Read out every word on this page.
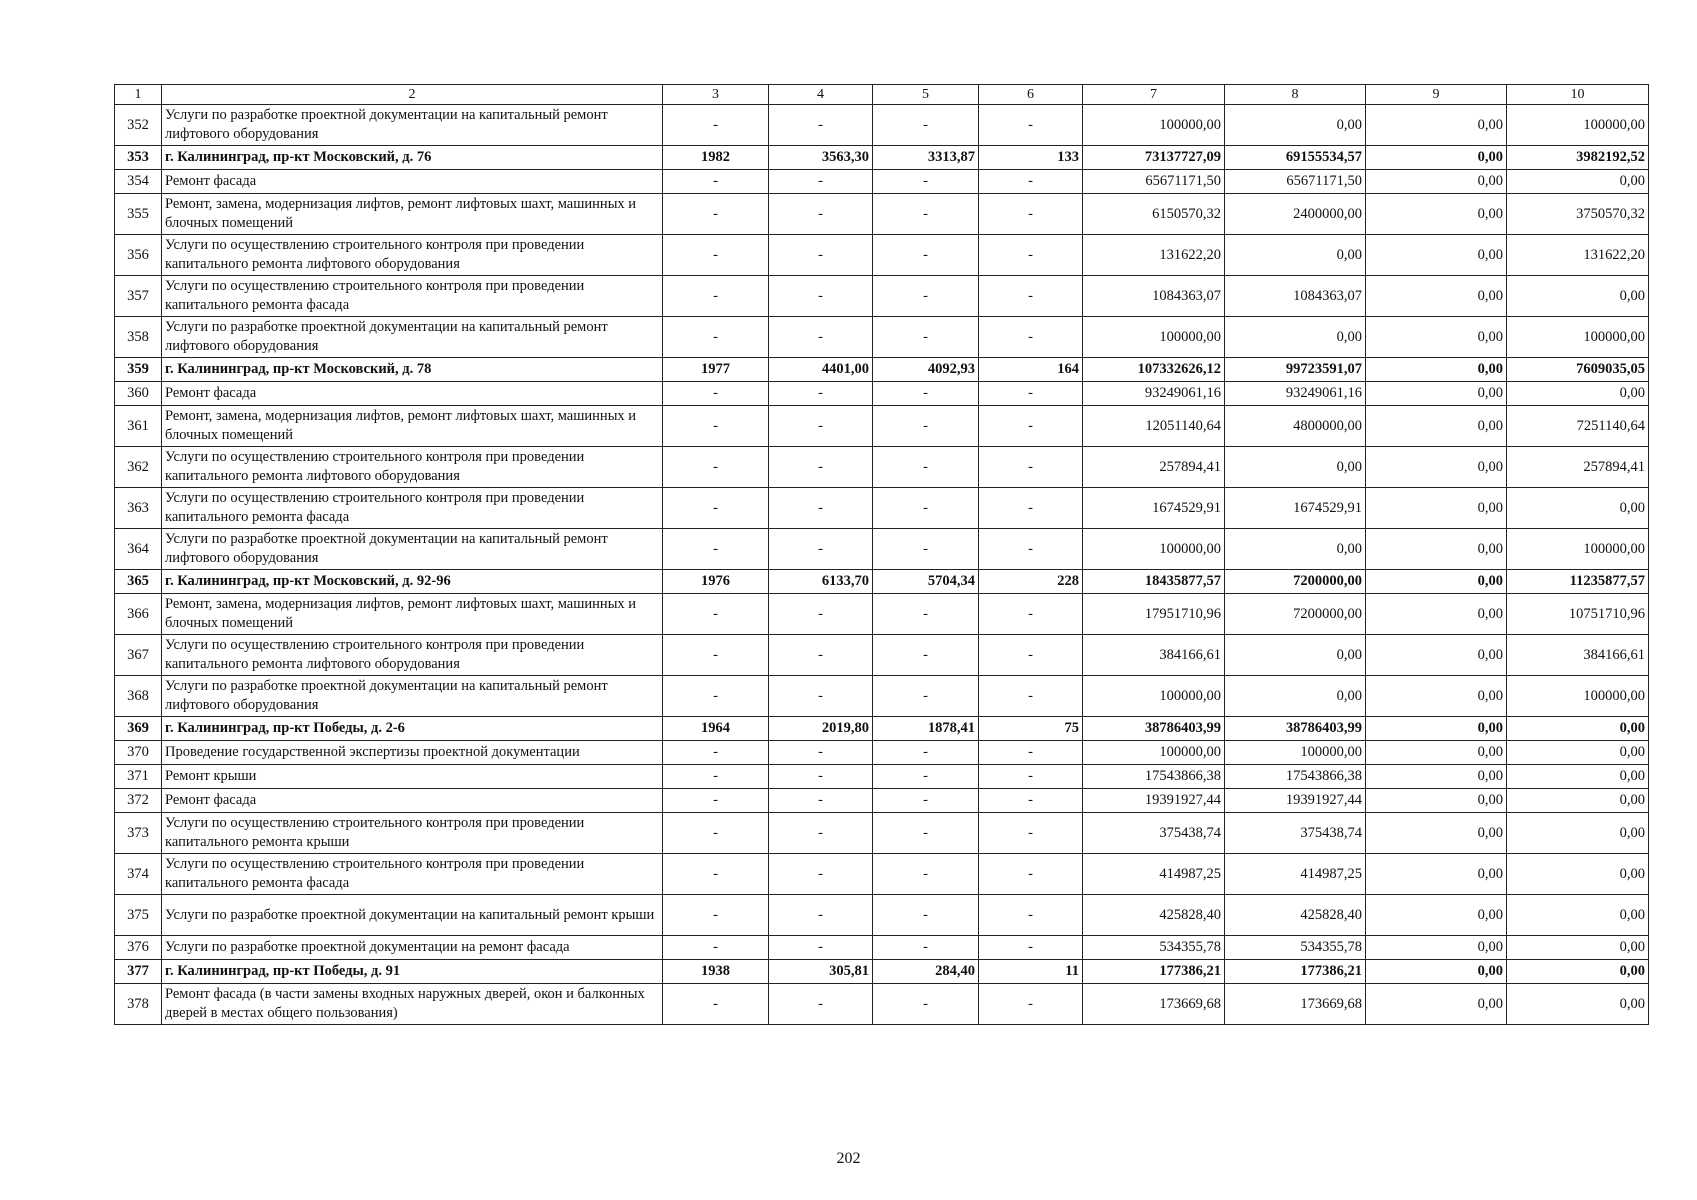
1	2	3	4	5	6	7	8	9	10
352	Услуги по разработке проектной документации на капитальный ремонт лифтового оборудования	-	-	-	-	100000,00	0,00	0,00	100000,00
353	г. Калининград, пр-кт Московский, д. 76	1982	3563,30	3313,87	133	73137727,09	69155534,57	0,00	3982192,52
354	Ремонт фасада	-	-	-	-	65671171,50	65671171,50	0,00	0,00
355	Ремонт, замена, модернизация лифтов, ремонт лифтовых шахт, машинных и блочных помещений	-	-	-	-	6150570,32	2400000,00	0,00	3750570,32
356	Услуги по осуществлению строительного контроля при проведении капитального ремонта лифтового оборудования	-	-	-	-	131622,20	0,00	0,00	131622,20
357	Услуги по осуществлению строительного контроля при проведении капитального ремонта фасада	-	-	-	-	1084363,07	1084363,07	0,00	0,00
358	Услуги по разработке проектной документации на капитальный ремонт лифтового оборудования	-	-	-	-	100000,00	0,00	0,00	100000,00
359	г. Калининград, пр-кт Московский, д. 78	1977	4401,00	4092,93	164	107332626,12	99723591,07	0,00	7609035,05
360	Ремонт фасада	-	-	-	-	93249061,16	93249061,16	0,00	0,00
361	Ремонт, замена, модернизация лифтов, ремонт лифтовых шахт, машинных и блочных помещений	-	-	-	-	12051140,64	4800000,00	0,00	7251140,64
362	Услуги по осуществлению строительного контроля при проведении капитального ремонта лифтового оборудования	-	-	-	-	257894,41	0,00	0,00	257894,41
363	Услуги по осуществлению строительного контроля при проведении капитального ремонта фасада	-	-	-	-	1674529,91	1674529,91	0,00	0,00
364	Услуги по разработке проектной документации на капитальный ремонт лифтового оборудования	-	-	-	-	100000,00	0,00	0,00	100000,00
365	г. Калининград, пр-кт Московский, д. 92-96	1976	6133,70	5704,34	228	18435877,57	7200000,00	0,00	11235877,57
366	Ремонт, замена, модернизация лифтов, ремонт лифтовых шахт, машинных и блочных помещений	-	-	-	-	17951710,96	7200000,00	0,00	10751710,96
367	Услуги по осуществлению строительного контроля при проведении капитального ремонта лифтового оборудования	-	-	-	-	384166,61	0,00	0,00	384166,61
368	Услуги по разработке проектной документации на капитальный ремонт лифтового оборудования	-	-	-	-	100000,00	0,00	0,00	100000,00
369	г. Калининград, пр-кт Победы, д. 2-6	1964	2019,80	1878,41	75	38786403,99	38786403,99	0,00	0,00
370	Проведение государственной экспертизы проектной документации	-	-	-	-	100000,00	100000,00	0,00	0,00
371	Ремонт крыши	-	-	-	-	17543866,38	17543866,38	0,00	0,00
372	Ремонт фасада	-	-	-	-	19391927,44	19391927,44	0,00	0,00
373	Услуги по осуществлению строительного контроля при проведении капитального ремонта крыши	-	-	-	-	375438,74	375438,74	0,00	0,00
374	Услуги по осуществлению строительного контроля при проведении капитального ремонта фасада	-	-	-	-	414987,25	414987,25	0,00	0,00
375	Услуги по разработке проектной документации на капитальный ремонт крыши	-	-	-	-	425828,40	425828,40	0,00	0,00
376	Услуги по разработке проектной документации на ремонт фасада	-	-	-	-	534355,78	534355,78	0,00	0,00
377	г. Калининград, пр-кт Победы, д. 91	1938	305,81	284,40	11	177386,21	177386,21	0,00	0,00
378	Ремонт фасада (в части замены входных наружных дверей, окон и балконных дверей в местах общего пользования)	-	-	-	-	173669,68	173669,68	0,00	0,00
202
